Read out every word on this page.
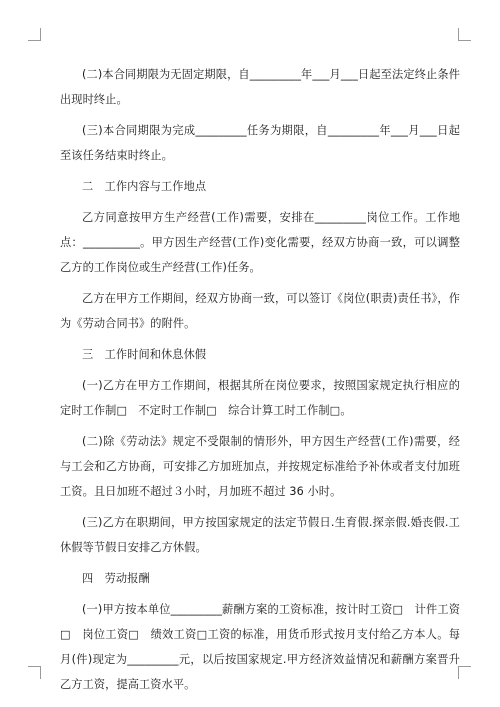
(二)本合同期限为无固定期限，自_________年___月___日起至法定终止条件出现时终止。

(三)本合同期限为完成_________任务为期限，自_________年___月___日起至该任务结束时终止。

二　工作内容与工作地点

乙方同意按甲方生产经营(工作)需要，安排在_________岗位工作。工作地点：__________。甲方因生产经营(工作)变化需要，经双方协商一致，可以调整乙方的工作岗位或生产经营(工作)任务。

乙方在甲方工作期间，经双方协商一致，可以签订《岗位(职责)责任书》，作为《劳动合同书》的附件。

三　工作时间和休息休假

(一)乙方在甲方工作期间，根据其所在岗位要求，按照国家规定执行相应的定时工作制□　不定时工作制□　综合计算工时工作制□。

(二)除《劳动法》规定不受限制的情形外，甲方因生产经营(工作)需要，经与工会和乙方协商，可安排乙方加班加点，并按规定标准给予补休或者支付加班工资。且日加班不超过３小时，月加班不超过 36 小时。

(三)乙方在职期间，甲方按国家规定的法定节假日.生育假.探亲假.婚丧假.工休假等节假日安排乙方休假。

四　劳动报酬

(一)甲方按本单位_________薪酬方案的工资标准，按计时工资□　计件工资□　岗位工资□　绩效工资□工资的标准，用货币形式按月支付给乙方本人。每月(件)现定为_________元，以后按国家规定.甲方经济效益情况和薪酬方案晋升乙方工资，提高工资水平。
